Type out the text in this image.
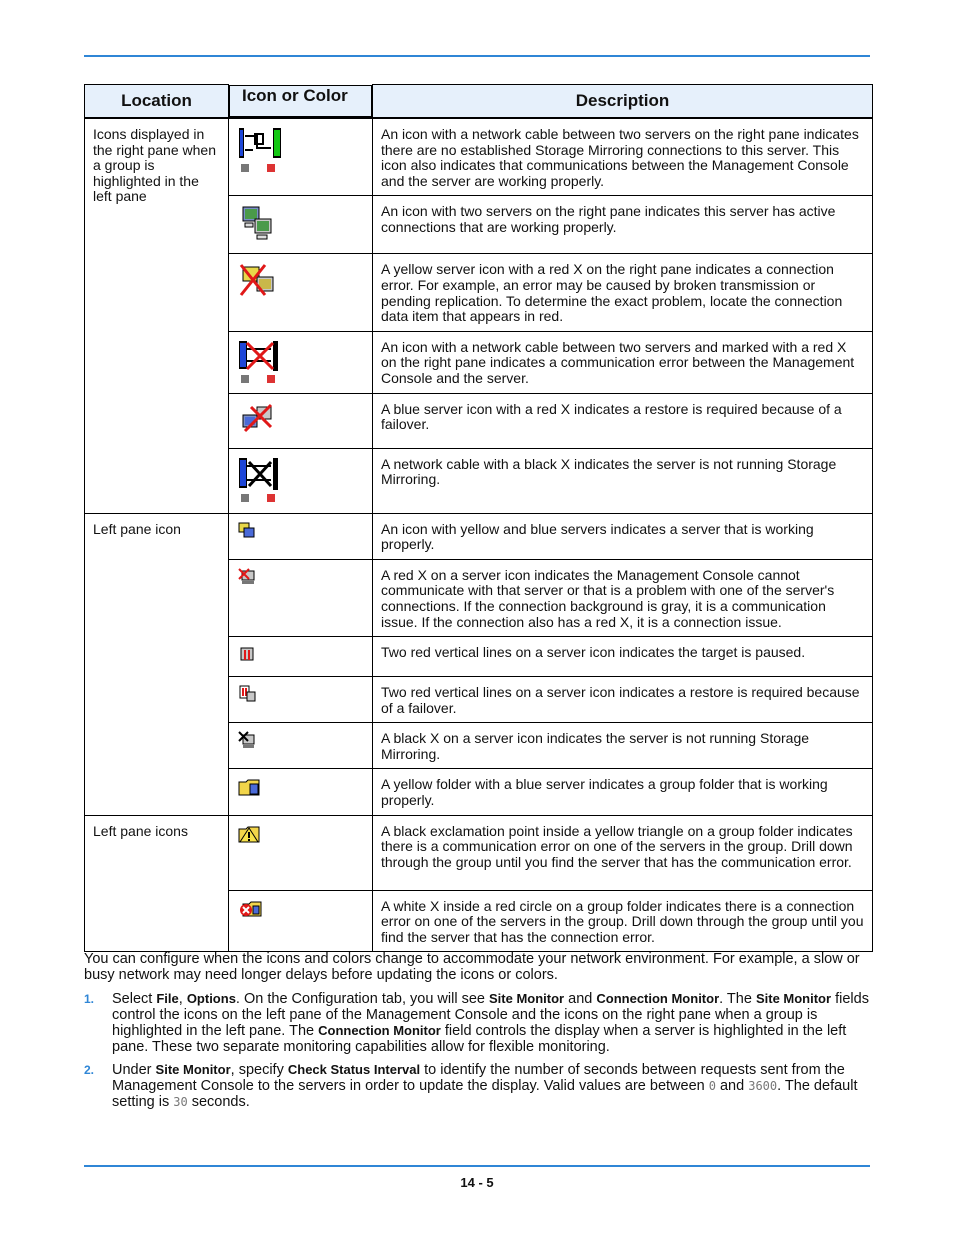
Location		Icon or Color	Description
Icons displayed in the right pane when a group is highlighted in the left pane		An icon with a network cable between two servers on the right pane indicates there are no established Storage Mirroring connections to this server. This icon also indicates that communications between the Management Console and the server are working properly.

	An icon with two servers on the right pane indicates this server has active connections that are working properly.

	A yellow server icon with a red X on the right pane indicates a connection error. For example, an error may be caused by broken transmission or pending replication. To determine the exact problem, locate the connection data item that appears in red.

	An icon with a network cable between two servers and marked with a red X on the right pane indicates a communication error between the Management Console and the server.

	A blue server icon with a red X indicates a restore is required because of a failover.

	A network cable with a black X indicates the server is not running Storage Mirroring.
Left pane icon		An icon with yellow and blue servers indicates a server that is working properly.

	A red X on a server icon indicates the Management Console cannot communicate with that server or that is a problem with one of the server's connections. If the connection background is gray, it is a communication issue. If the connection also has a red X, it is a connection issue.

	Two red vertical lines on a server icon indicates the target is paused.

	Two red vertical lines on a server icon indicates a restore is required because of a failover.

	A black X on a server icon indicates the server is not running Storage Mirroring.

	A yellow folder with a blue server indicates a group folder that is working properly.
Left pane icons		A black exclamation point inside a yellow triangle on a group folder indicates there is a communication error on one of the servers in the group. Drill down through the group until you find the server that has the communication error.

	A white X inside a red circle on a group folder indicates there is a connection error on one of the servers in the group. Drill down through the group until you find the server that has the connection error.
You can configure when the icons and colors change to accommodate your network environment. For example, a slow or busy network may need longer delays before updating the icons or colors.
1. Select File, Options. On the Configuration tab, you will see Site Monitor and Connection Monitor. The Site Monitor fields control the icons on the left pane of the Management Console and the icons on the right pane when a group is highlighted in the left pane. The Connection Monitor field controls the display when a server is highlighted in the left pane. These two separate monitoring capabilities allow for flexible monitoring.
2. Under Site Monitor, specify Check Status Interval to identify the number of seconds between requests sent from the Management Console to the servers in order to update the display. Valid values are between 0 and 3600. The default setting is 30 seconds.
14 - 5
